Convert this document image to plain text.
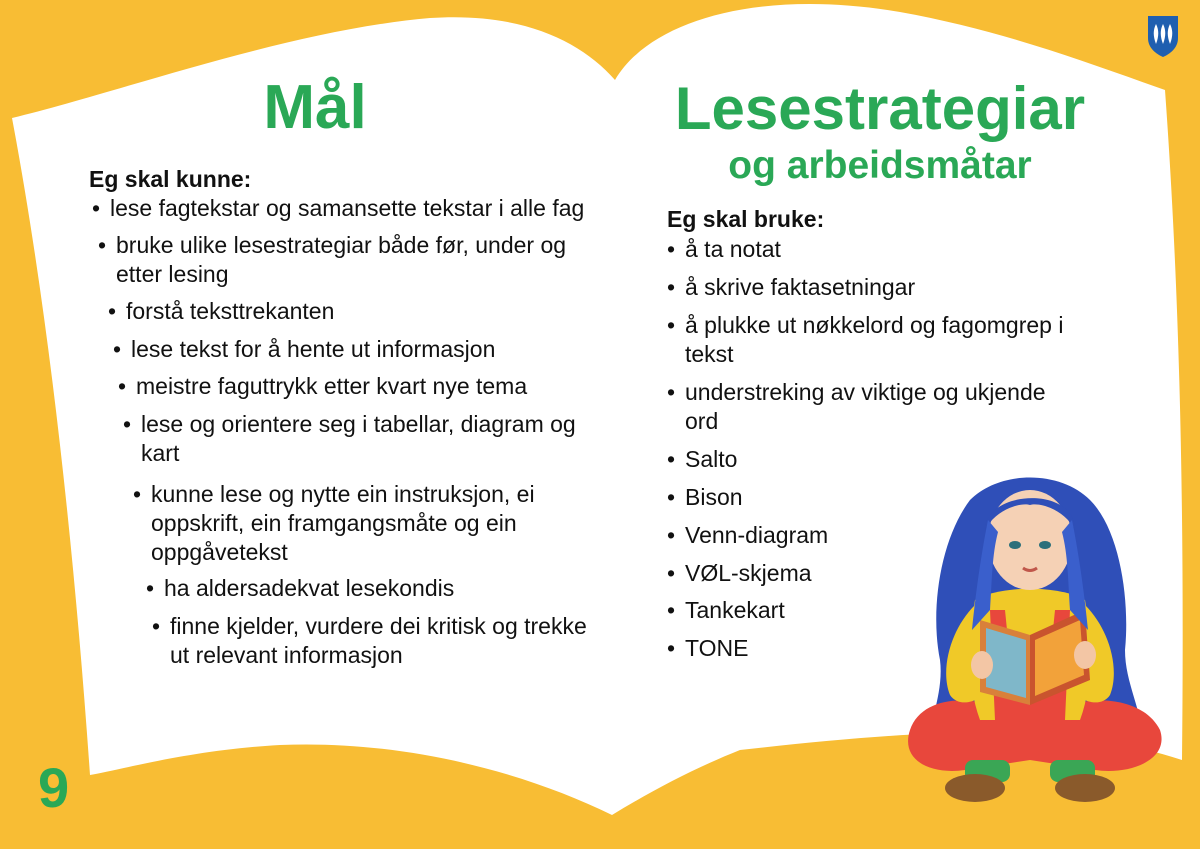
Mål	Lesestrategiar
og arbeidsmåtar

Eg skal kunne:

• lese fagtekstar og samansette tekstar i alle fag
• bruke ulike lesestrategiar både før, under og
etter lesing
• forstå teksttrekanten
• lese tekst for å hente ut informasjon
• meistre faguttrykk etter kvart nye tema
• lese og orientere seg i tabellar, diagram og
kart
• kunne lese og nytte ein instruksjon, ei
oppskrift, ein framgangsmåte og ein
oppgåvetekst
• ha aldersadekvat lesekondis
• finne kjelder, vurdere dei kritisk og trekke
ut relevant informasjon

Eg skal bruke:

• å ta notat
• å skrive faktasetningar
• å plukke ut nøkkelord og fagomgrep i
tekst
• understreking av viktige og ukjende
ord
• Salto
• Bison
• Venn-diagram
• VØL-skjema
• Tankekart
• TONE
9
